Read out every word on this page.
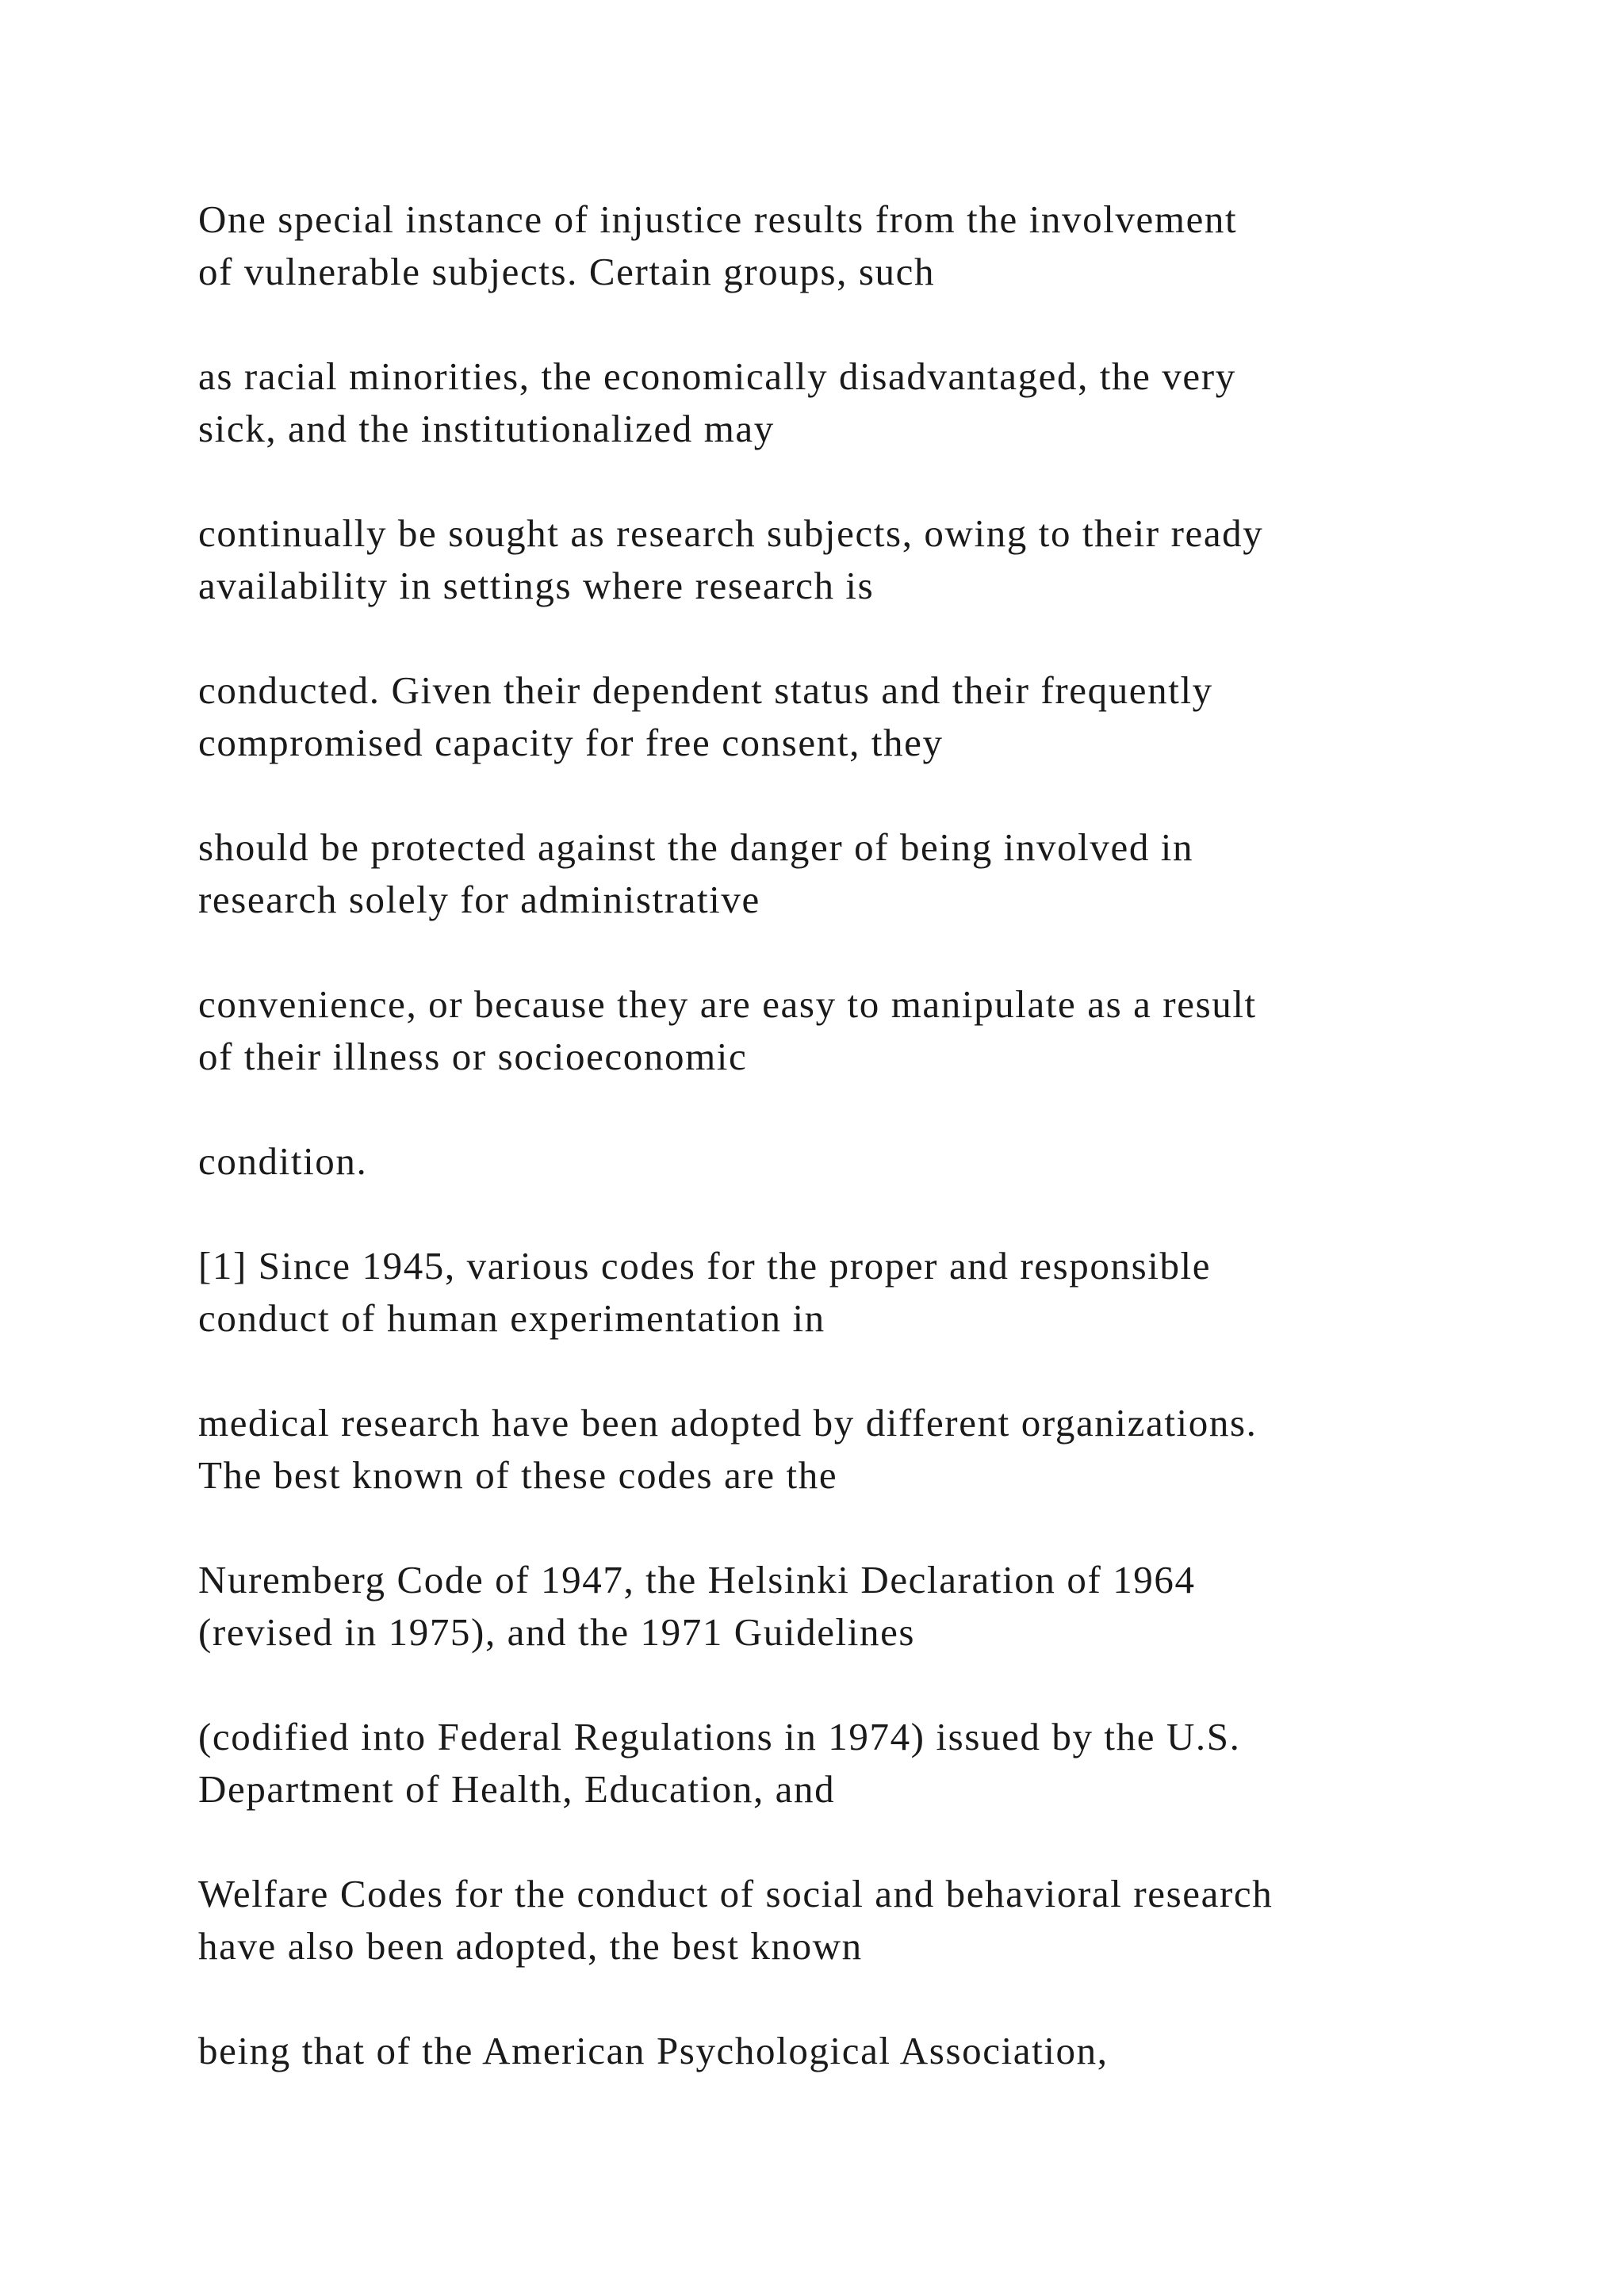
One special instance of injustice results from the involvement
of vulnerable subjects. Certain groups, such

as racial minorities, the economically disadvantaged, the very
sick, and the institutionalized may

continually be sought as research subjects, owing to their ready
availability in settings where research is

conducted. Given their dependent status and their frequently
compromised capacity for free consent, they

should be protected against the danger of being involved in
research solely for administrative

convenience, or because they are easy to manipulate as a result
of their illness or socioeconomic

condition.

[1] Since 1945, various codes for the proper and responsible
conduct of human experimentation in

medical research have been adopted by different organizations.
The best known of these codes are the

Nuremberg Code of 1947, the Helsinki Declaration of 1964
(revised in 1975), and the 1971 Guidelines

(codified into Federal Regulations in 1974) issued by the U.S.
Department of Health, Education, and

Welfare Codes for the conduct of social and behavioral research
have also been adopted, the best known

being that of the American Psychological Association,
